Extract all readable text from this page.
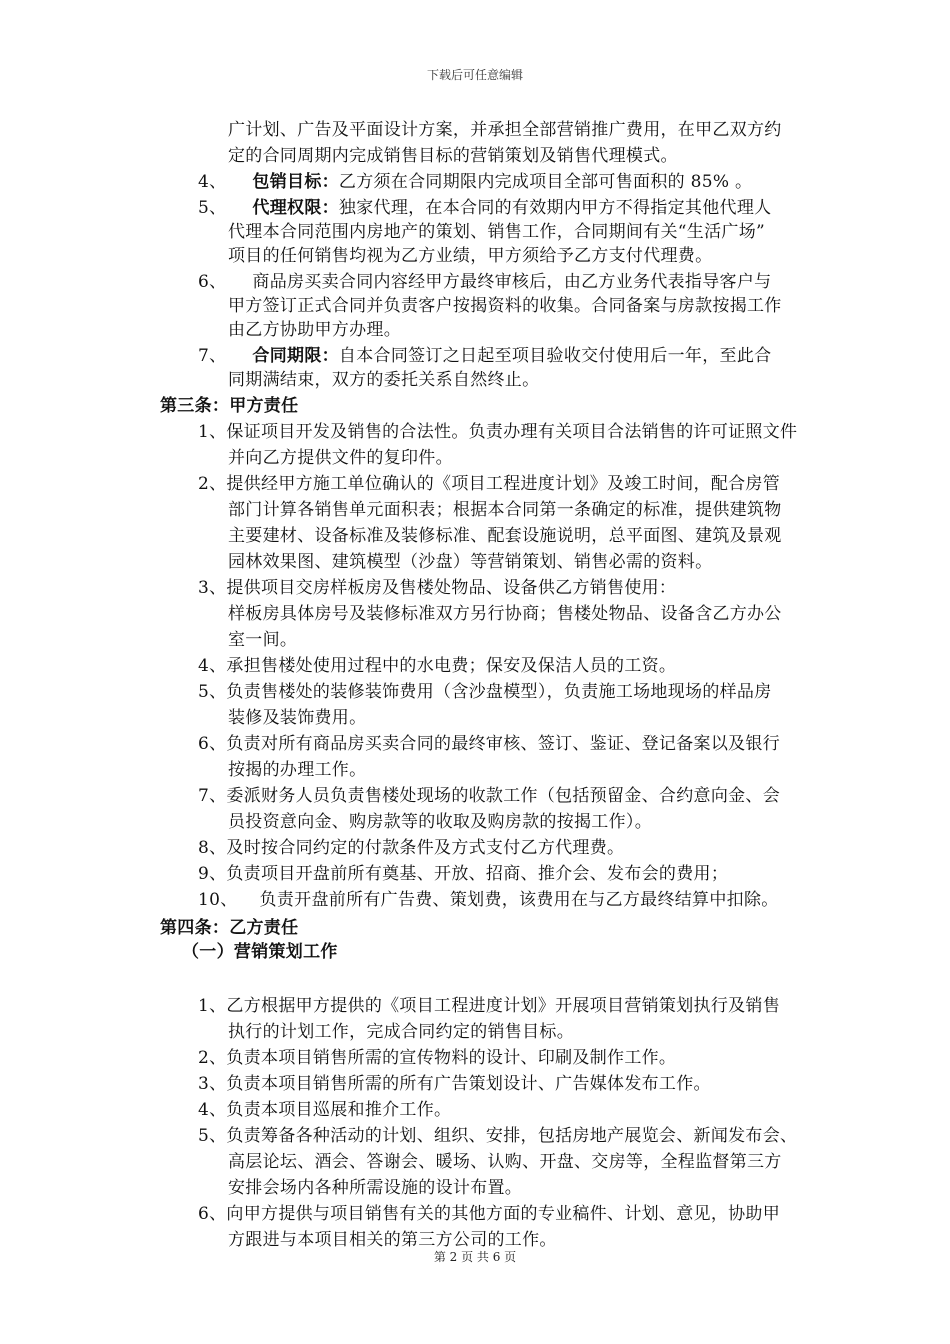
下载后可任意编辑
广计划、广告及平面设计方案，并承担全部营销推广费用，在甲乙双方约
定的合同周期内完成销售目标的营销策划及销售代理模式。
4、 包销目标：乙方须在合同期限内完成项目全部可售面积的 85% 。
5、 代理权限：独家代理，在本合同的有效期内甲方不得指定其他代理人
代理本合同范围内房地产的策划、销售工作，合同期间有关“生活广场”
项目的任何销售均视为乙方业绩，甲方须给予乙方支付代理费。
6、 商品房买卖合同内容经甲方最终审核后，由乙方业务代表指导客户与
甲方签订正式合同并负责客户按揭资料的收集。合同备案与房款按揭工作
由乙方协助甲方办理。
7、 合同期限：自本合同签订之日起至项目验收交付使用后一年，至此合
同期满结束，双方的委托关系自然终止。
第三条：甲方责任
1、保证项目开发及销售的合法性。负责办理有关项目合法销售的许可证照文件
并向乙方提供文件的复印件。
2、提供经甲方施工单位确认的《项目工程进度计划》及竣工时间，配合房管
部门计算各销售单元面积表；根据本合同第一条确定的标准，提供建筑物
主要建材、设备标准及装修标准、配套设施说明，总平面图、建筑及景观
园林效果图、建筑模型（沙盘）等营销策划、销售必需的资料。
3、提供项目交房样板房及售楼处物品、设备供乙方销售使用：
样板房具体房号及装修标准双方另行协商；售楼处物品、设备含乙方办公
室一间。
4、承担售楼处使用过程中的水电费；保安及保洁人员的工资。
5、负责售楼处的装修装饰费用（含沙盘模型），负责施工场地现场的样品房
装修及装饰费用。
6、负责对所有商品房买卖合同的最终审核、签订、鉴证、登记备案以及银行
按揭的办理工作。
7、委派财务人员负责售楼处现场的收款工作（包括预留金、合约意向金、会
员投资意向金、购房款等的收取及购房款的按揭工作）。
8、及时按合同约定的付款条件及方式支付乙方代理费。
9、负责项目开盘前所有奠基、开放、招商、推介会、发布会的费用；
10、 负责开盘前所有广告费、策划费，该费用在与乙方最终结算中扣除。
第四条：乙方责任
（一）营销策划工作
1、乙方根据甲方提供的《项目工程进度计划》开展项目营销策划执行及销售
执行的计划工作，完成合同约定的销售目标。
2、负责本项目销售所需的宣传物料的设计、印刷及制作工作。
3、负责本项目销售所需的所有广告策划设计、广告媒体发布工作。
4、负责本项目巡展和推介工作。
5、负责筹备各种活动的计划、组织、安排，包括房地产展览会、新闻发布会、
高层论坛、酒会、答谢会、暖场、认购、开盘、交房等，全程监督第三方
安排会场内各种所需设施的设计布置。
6、向甲方提供与项目销售有关的其他方面的专业稿件、计划、意见，协助甲
方跟进与本项目相关的第三方公司的工作。
第 2 页 共 6 页
